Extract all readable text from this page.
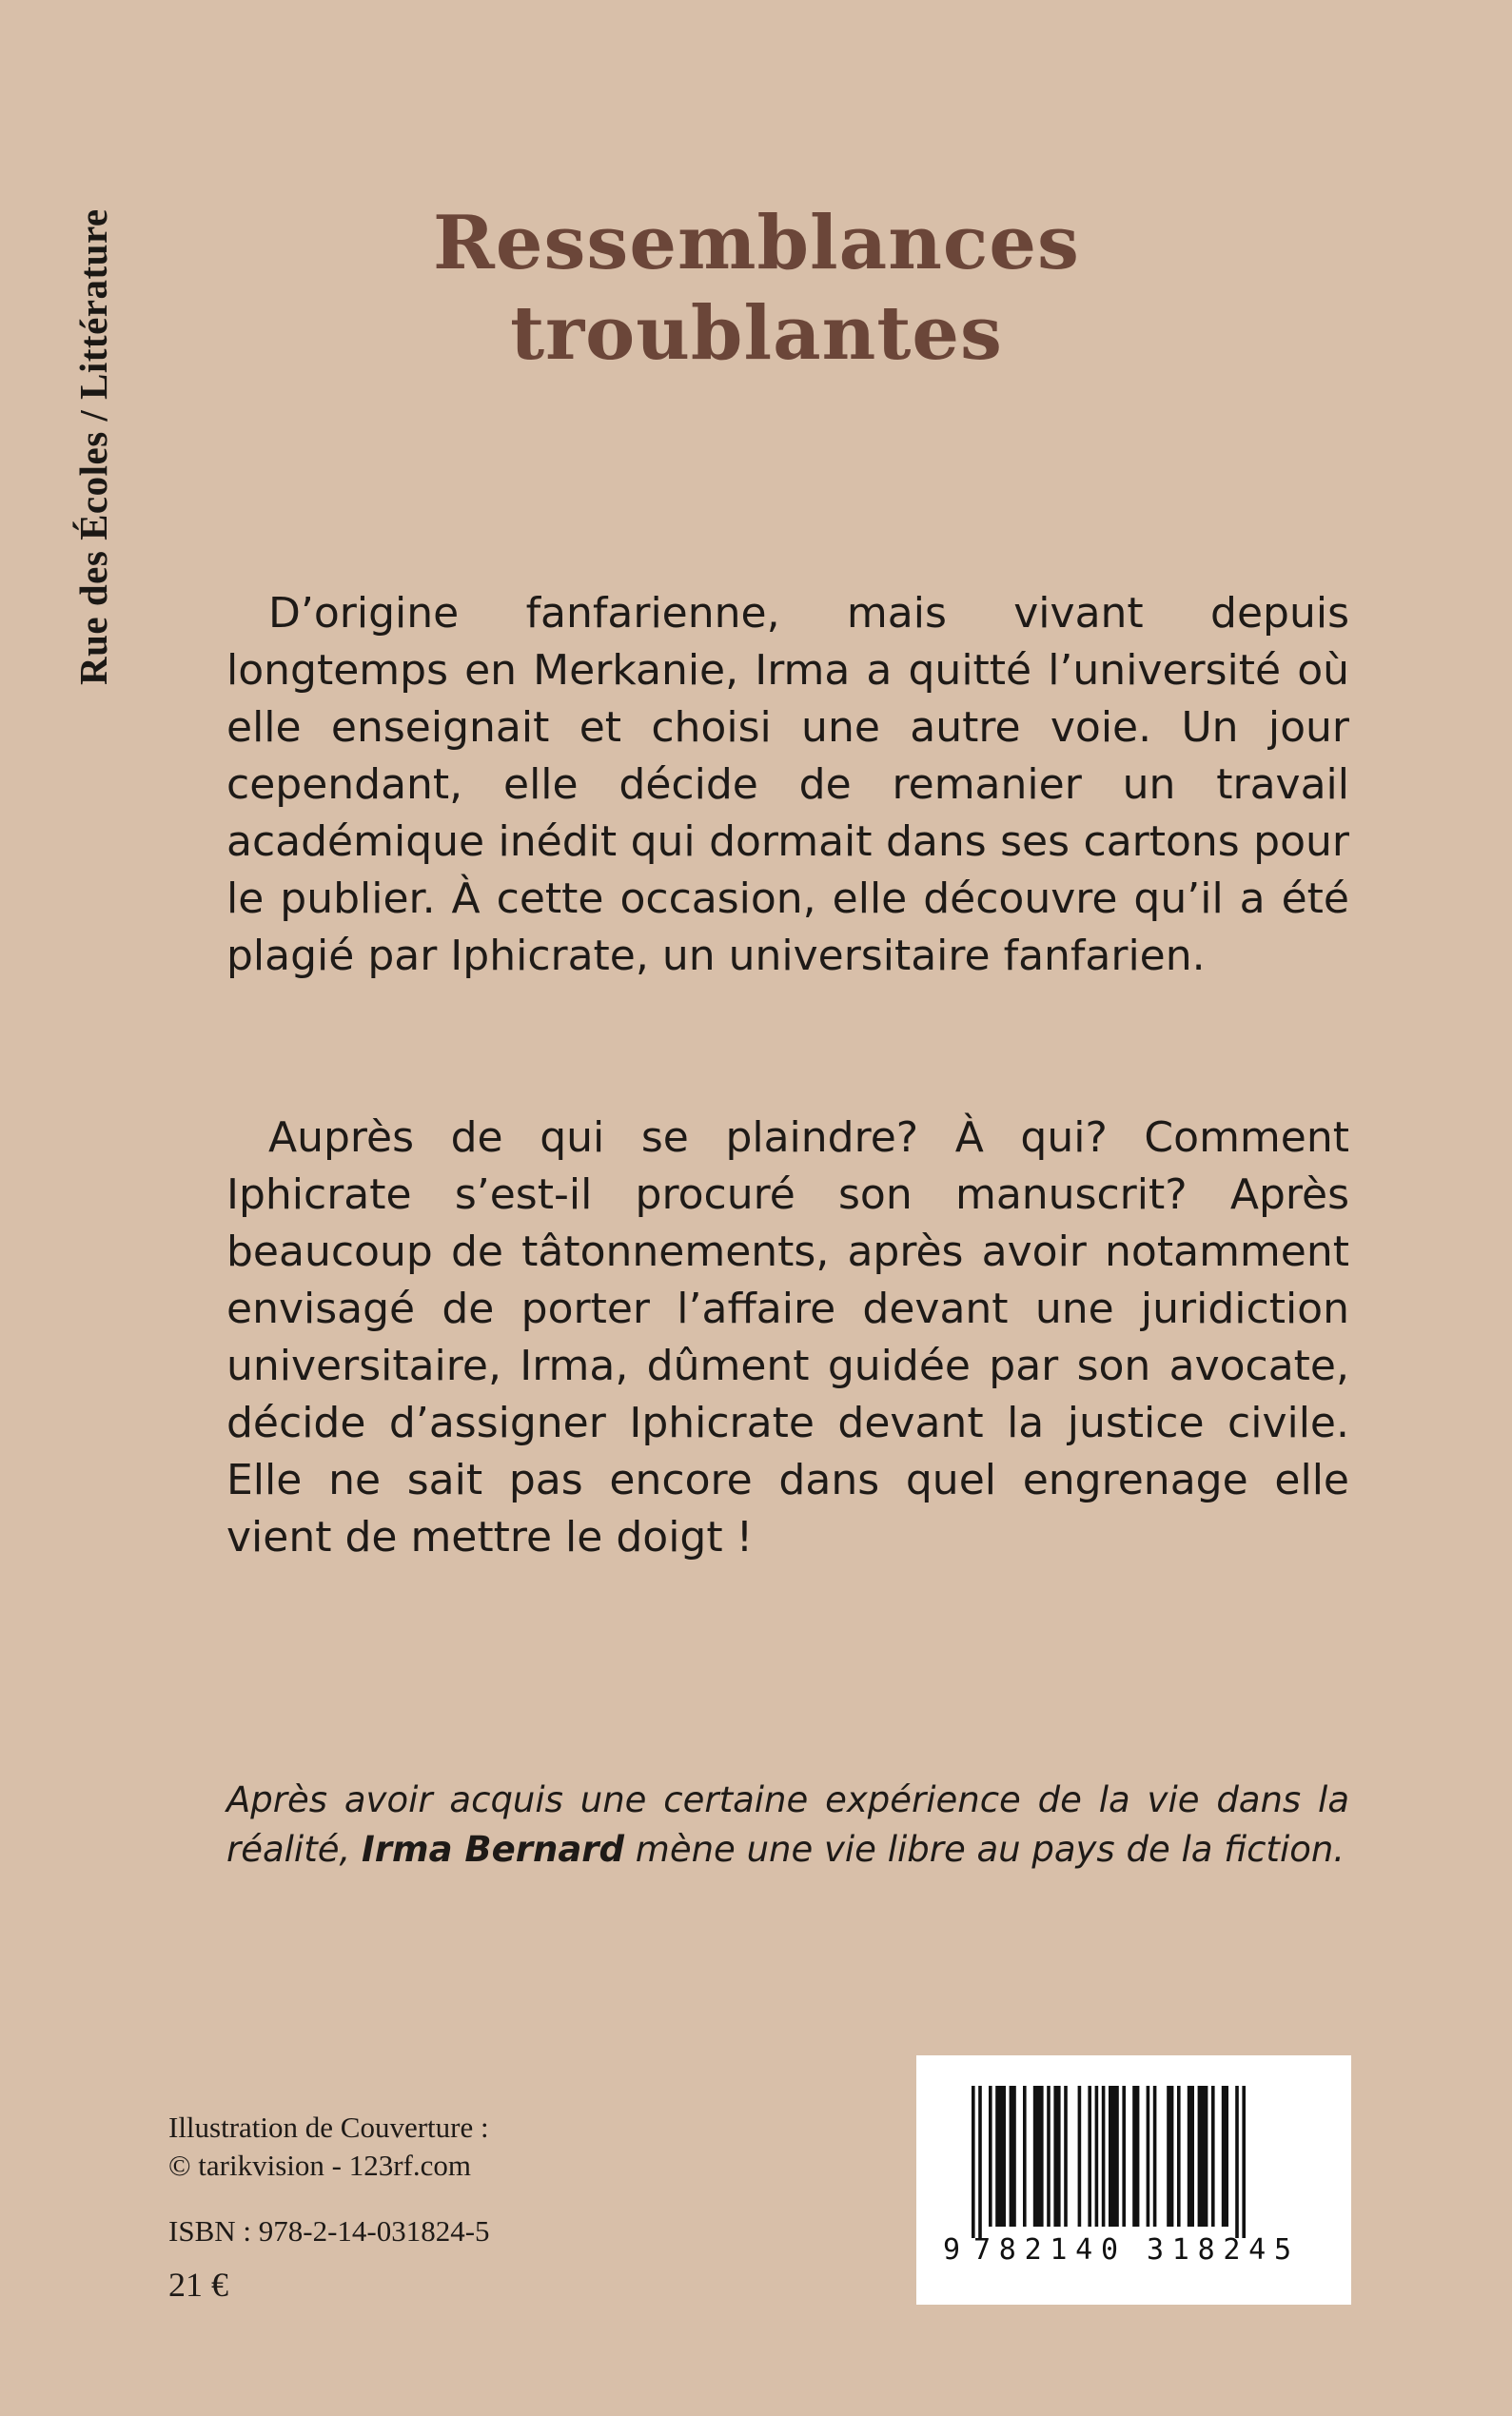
Rue des Écoles / Littérature	Ressemblances
troublantes

D’origine fanfarienne, mais vivant depuis longtemps en Merkanie, Irma a quitté l’université où elle enseignait et choisi une autre voie. Un jour cependant, elle décide de remanier un travail académique inédit qui dormait dans ses cartons pour le publier. À cette occasion, elle découvre qu’il a été plagié par Iphicrate, un universitaire fanfarien.

Auprès de qui se plaindre? À qui? Comment Iphicrate s’est-il procuré son manuscrit? Après beaucoup de tâtonnements, après avoir notamment envisagé de porter l’affaire devant une juridiction universitaire, Irma, dûment guidée par son avocate, décide d’assigner Iphicrate devant la justice civile. Elle ne sait pas encore dans quel engrenage elle vient de mettre le doigt !

Après avoir acquis une certaine expérience de la vie dans la réalité, Irma Bernard mène une vie libre au pays de la fiction.

Illustration de Couverture :
© tarikvision - 123rf.com
ISBN : 978-2-14-031824-5
21 €
9 782140 318245
